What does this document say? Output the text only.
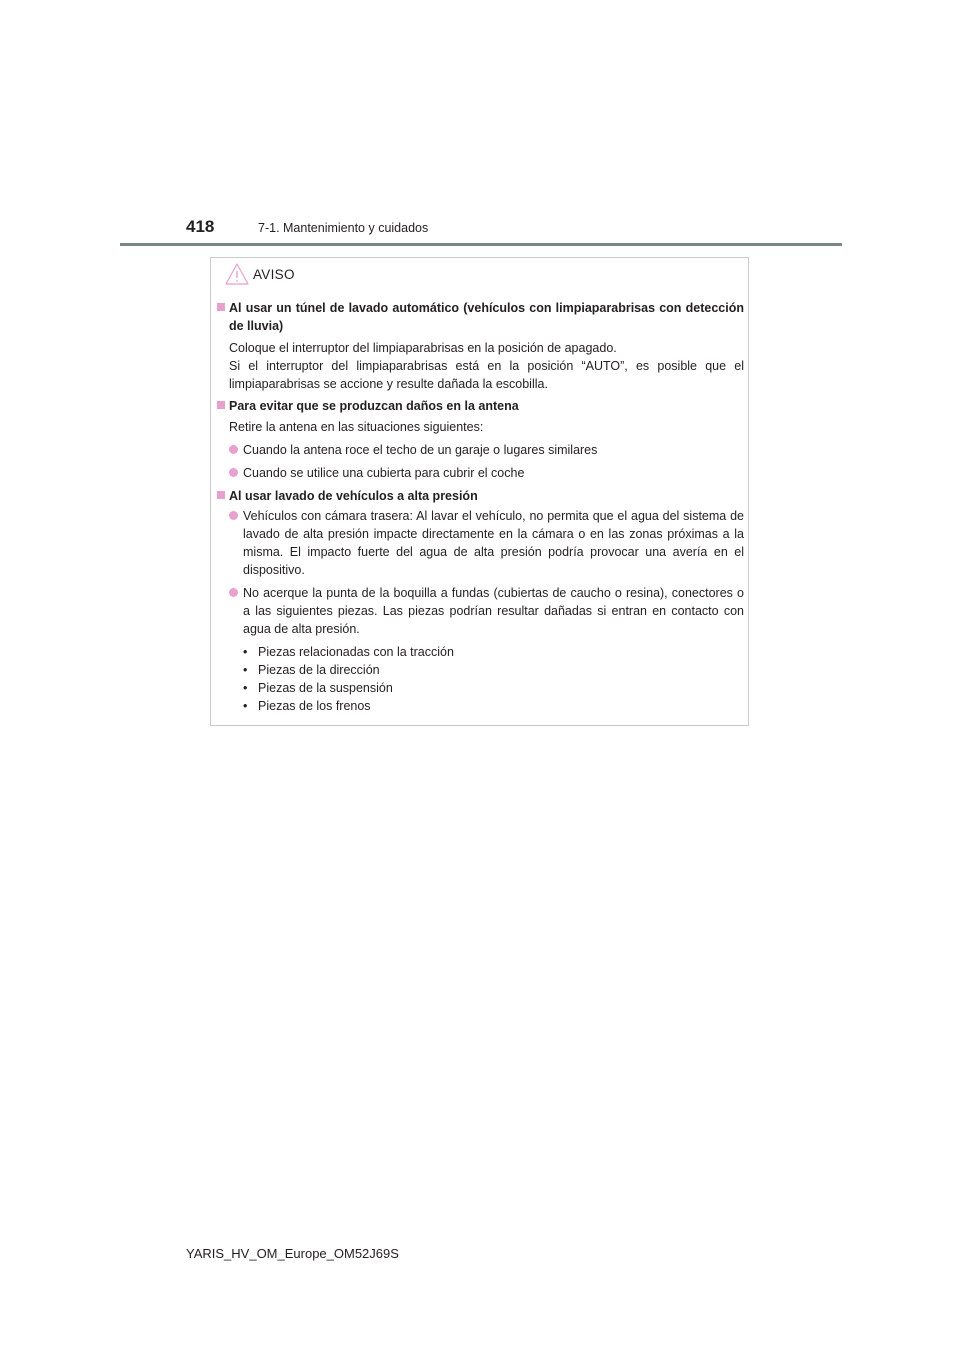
418	7-1. Mantenimiento y cuidados
AVISO
Al usar un túnel de lavado automático (vehículos con limpiaparabrisas con detección de lluvia)
Coloque el interruptor del limpiaparabrisas en la posición de apagado.
Si el interruptor del limpiaparabrisas está en la posición “AUTO”, es posible que el limpiaparabrisas se accione y resulte dañada la escobilla.
Para evitar que se produzcan daños en la antena
Retire la antena en las situaciones siguientes:
Cuando la antena roce el techo de un garaje o lugares similares
Cuando se utilice una cubierta para cubrir el coche
Al usar lavado de vehículos a alta presión
Vehículos con cámara trasera: Al lavar el vehículo, no permita que el agua del sistema de lavado de alta presión impacte directamente en la cámara o en las zonas próximas a la misma. El impacto fuerte del agua de alta presión podría provocar una avería en el dispositivo.
No acerque la punta de la boquilla a fundas (cubiertas de caucho o resina), conectores o a las siguientes piezas. Las piezas podrían resultar dañadas si entran en contacto con agua de alta presión.
• Piezas relacionadas con la tracción
• Piezas de la dirección
• Piezas de la suspensión
• Piezas de los frenos
YARIS_HV_OM_Europe_OM52J69S
